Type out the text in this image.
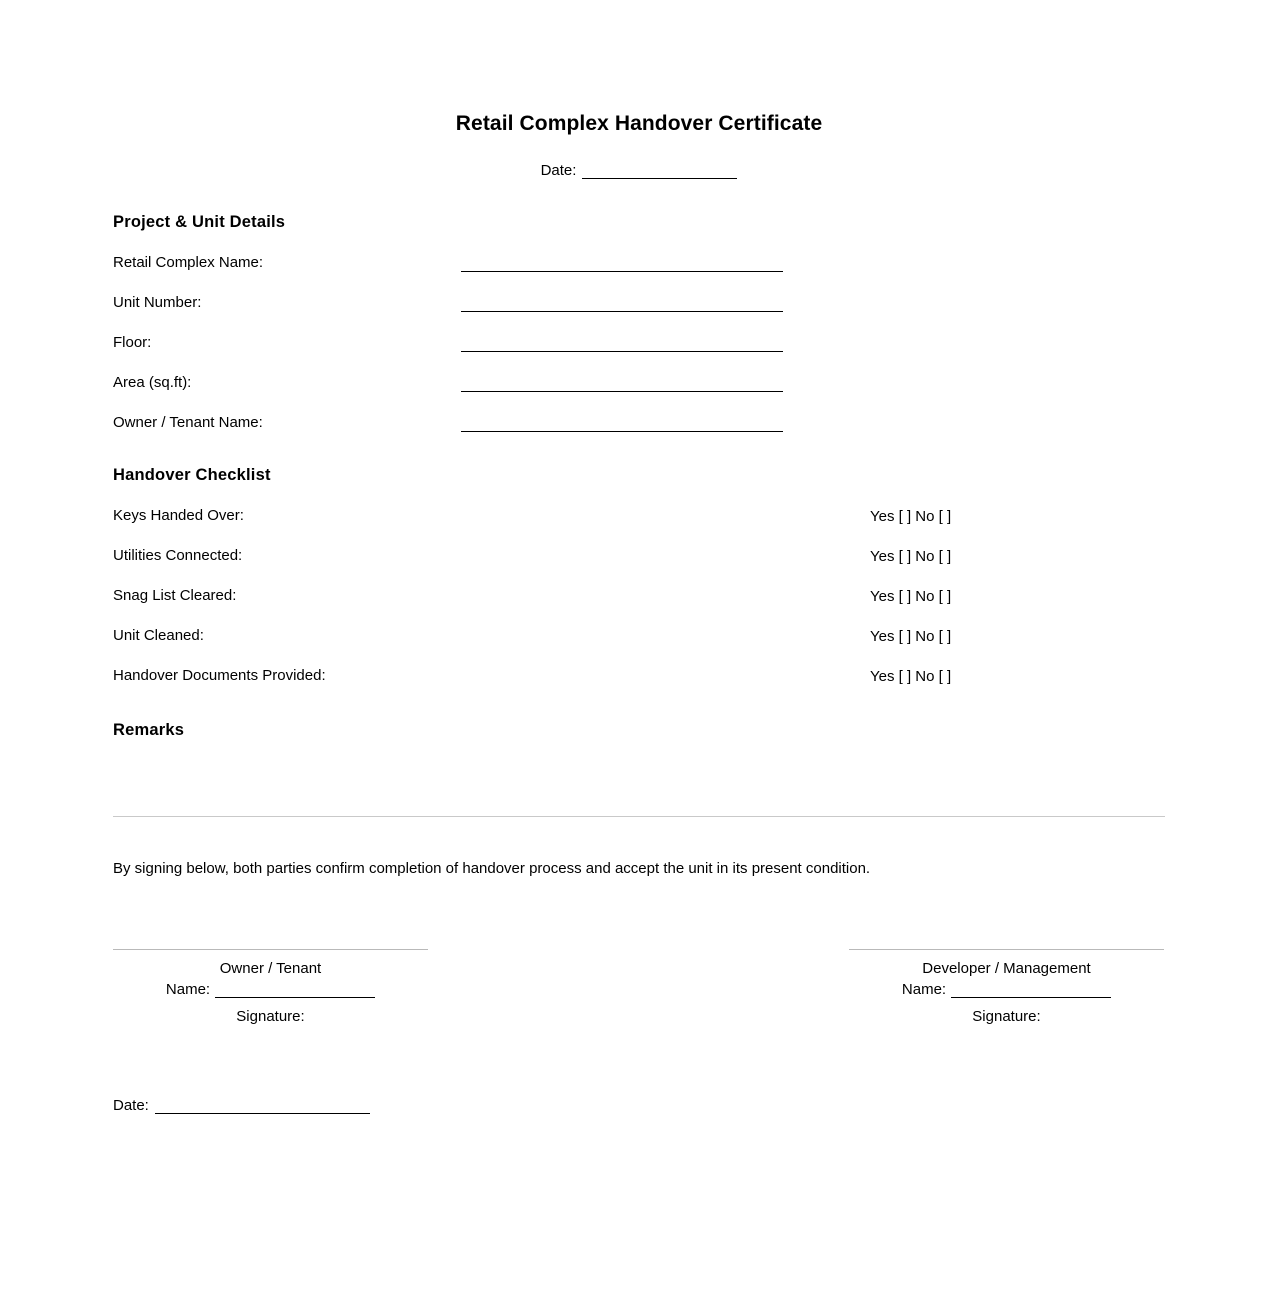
Retail Complex Handover Certificate
Date:
Project & Unit Details
Retail Complex Name:
Unit Number:
Floor:
Area (sq.ft):
Owner / Tenant Name:
Handover Checklist
Keys Handed Over:	Yes [ ] No [ ]
Utilities Connected:	Yes [ ] No [ ]
Snag List Cleared:	Yes [ ] No [ ]
Unit Cleaned:	Yes [ ] No [ ]
Handover Documents Provided:	Yes [ ] No [ ]
Remarks
By signing below, both parties confirm completion of handover process and accept the unit in its present condition.
Owner / Tenant
Name:
Signature:
Developer / Management
Name:
Signature:
Date:
